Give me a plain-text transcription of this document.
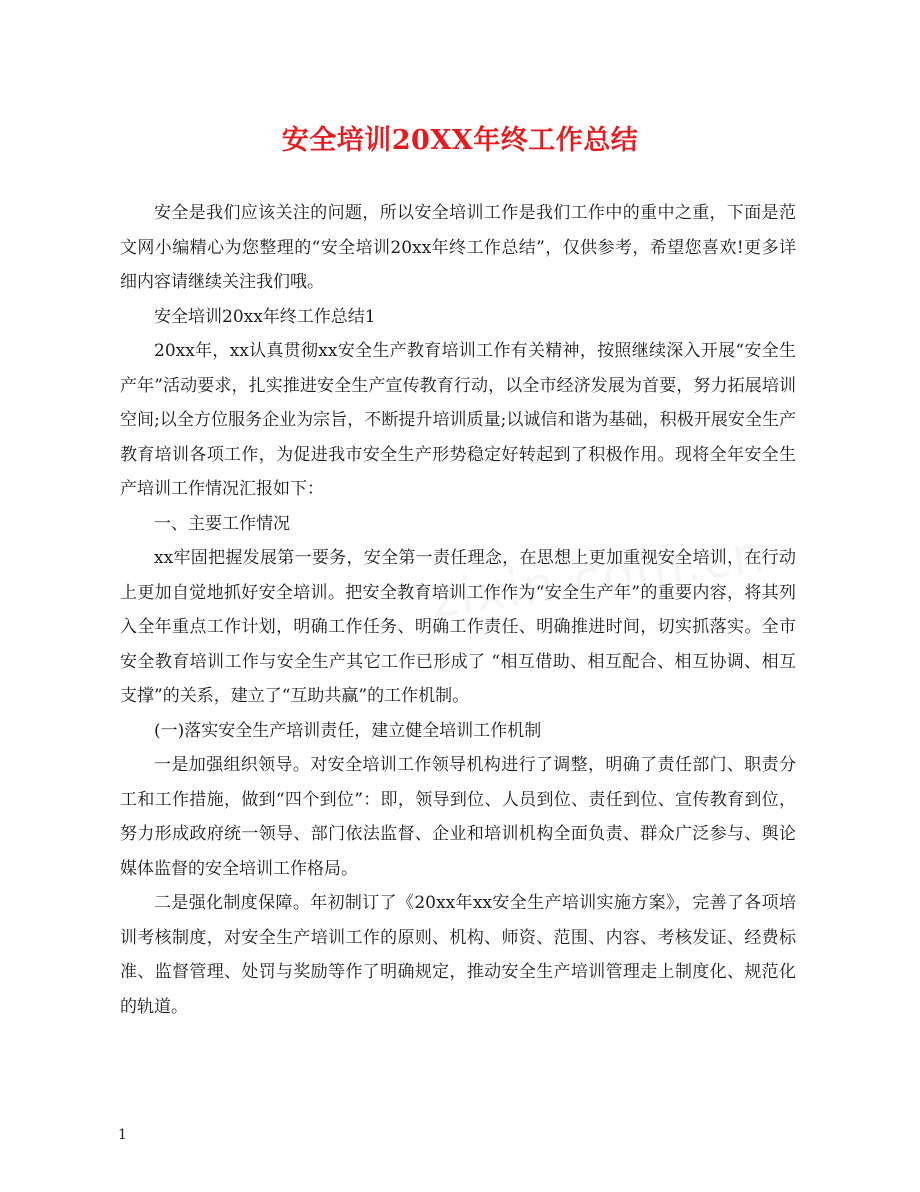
安全培训20XX年终工作总结

安全是我们应该关注的问题，所以安全培训工作是我们工作中的重中之重，下面是范文网小编精心为您整理的“安全培训20xx年终工作总结”，仅供参考，希望您喜欢!更多详细内容请继续关注我们哦。

安全培训20xx年终工作总结1

20xx年，xx认真贯彻xx安全生产教育培训工作有关精神，按照继续深入开展“安全生产年”活动要求，扎实推进安全生产宣传教育行动，以全市经济发展为首要，努力拓展培训空间;以全方位服务企业为宗旨，不断提升培训质量;以诚信和谐为基础，积极开展安全生产教育培训各项工作，为促进我市安全生产形势稳定好转起到了积极作用。现将全年安全生产培训工作情况汇报如下：

一、主要工作情况

xx牢固把握发展第一要务，安全第一责任理念，在思想上更加重视安全培训，在行动上更加自觉地抓好安全培训。把安全教育培训工作作为“安全生产年”的重要内容，将其列入全年重点工作计划，明确工作任务、明确工作责任、明确推进时间，切实抓落实。全市安全教育培训工作与安全生产其它工作已形成了 “相互借助、相互配合、相互协调、相互支撑”的关系，建立了“互助共赢”的工作机制。

(一)落实安全生产培训责任，建立健全培训工作机制

一是加强组织领导。对安全培训工作领导机构进行了调整，明确了责任部门、职责分工和工作措施，做到“四个到位”：即，领导到位、人员到位、责任到位、宣传教育到位，努力形成政府统一领导、部门依法监督、企业和培训机构全面负责、群众广泛参与、舆论媒体监督的安全培训工作格局。

二是强化制度保障。年初制订了《20xx年xx安全生产培训实施方案》，完善了各项培训考核制度，对安全生产培训工作的原则、机构、师资、范围、内容、考核发证、经费标准、监督管理、处罚与奖励等作了明确规定，推动安全生产培训管理走上制度化、规范化的轨道。

1
